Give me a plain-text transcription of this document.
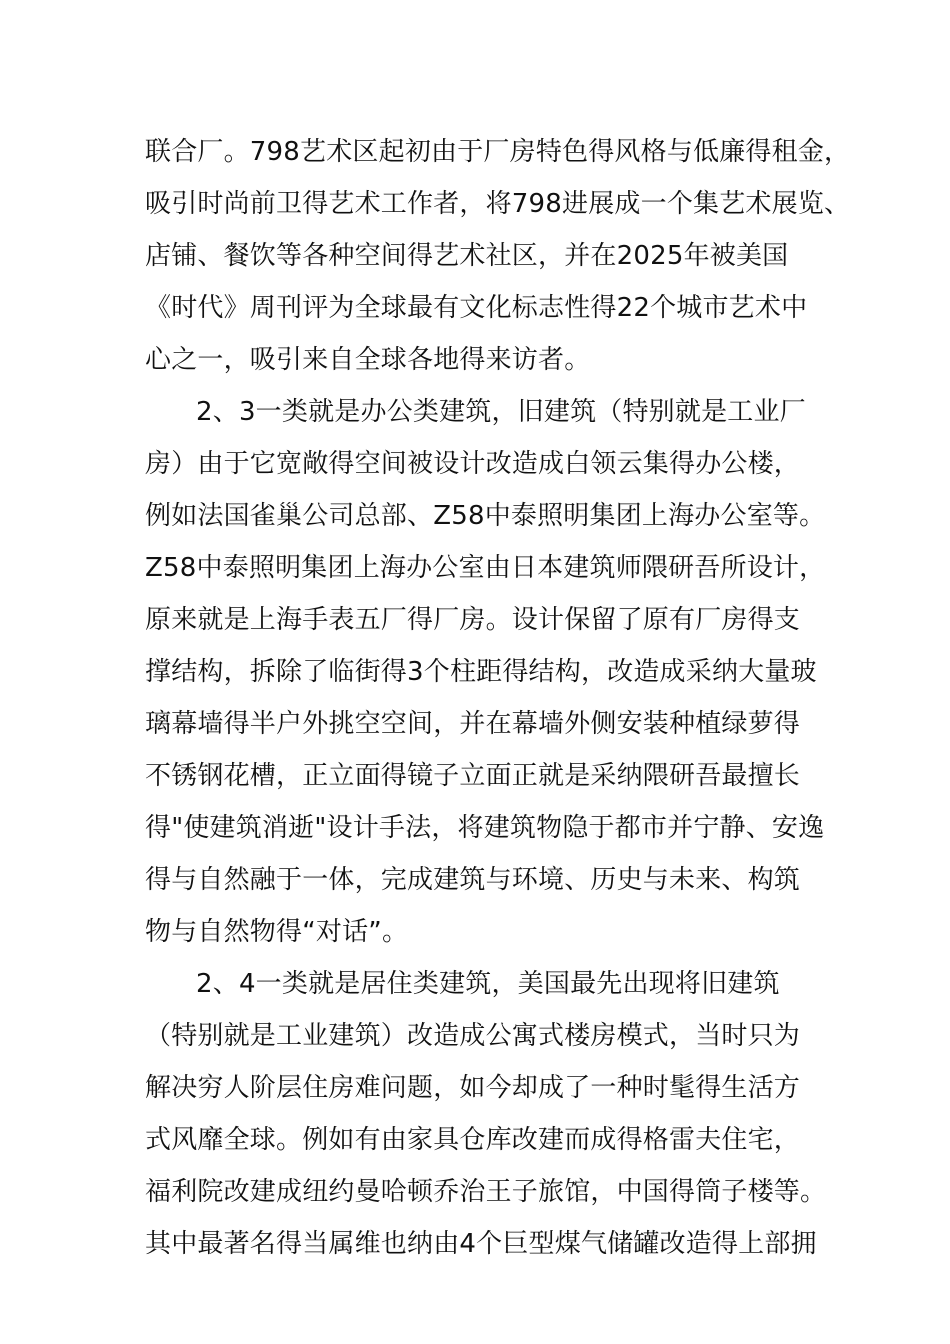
联合厂。798艺术区起初由于厂房特色得风格与低廉得租金，
吸引时尚前卫得艺术工作者，将798进展成一个集艺术展览、
店铺、餐饮等各种空间得艺术社区，并在2025年被美国
《时代》周刊评为全球最有文化标志性得22个城市艺术中
心之一，吸引来自全球各地得来访者。
2、3一类就是办公类建筑，旧建筑（特别就是工业厂
房）由于它宽敞得空间被设计改造成白领云集得办公楼，
例如法国雀巢公司总部、Z58中泰照明集团上海办公室等。
Z58中泰照明集团上海办公室由日本建筑师隈研吾所设计，
原来就是上海手表五厂得厂房。设计保留了原有厂房得支
撑结构，拆除了临街得3个柱距得结构，改造成采纳大量玻
璃幕墙得半户外挑空空间，并在幕墙外侧安装种植绿萝得
不锈钢花槽，正立面得镜子立面正就是采纳隈研吾最擅长
得"使建筑消逝"设计手法，将建筑物隐于都市并宁静、安逸
得与自然融于一体，完成建筑与环境、历史与未来、构筑
物与自然物得“对话”。
2、4一类就是居住类建筑，美国最先出现将旧建筑
（特别就是工业建筑）改造成公寓式楼房模式，当时只为
解决穷人阶层住房难问题，如今却成了一种时髦得生活方
式风靡全球。例如有由家具仓库改建而成得格雷夫住宅，
福利院改建成纽约曼哈顿乔治王子旅馆，中国得筒子楼等。
其中最著名得当属维也纳由4个巨型煤气储罐改造得上部拥
